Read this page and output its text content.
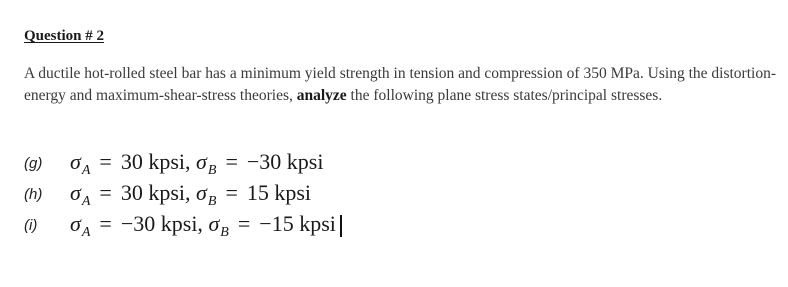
Question # 2

A ductile hot-rolled steel bar has a minimum yield strength in tension and compression of 350 MPa. Using the distortion-energy and maximum-shear-stress theories, analyze the following plane stress states/principal stresses.

(g)	$\sigma_A = 30$ kpsi, $\sigma_B = -30$ kpsi
(h)	$\sigma_A = 30$ kpsi, $\sigma_B = 15$ kpsi
(i)	$\sigma_A = -30$ kpsi, $\sigma_B = -15$ kpsi
